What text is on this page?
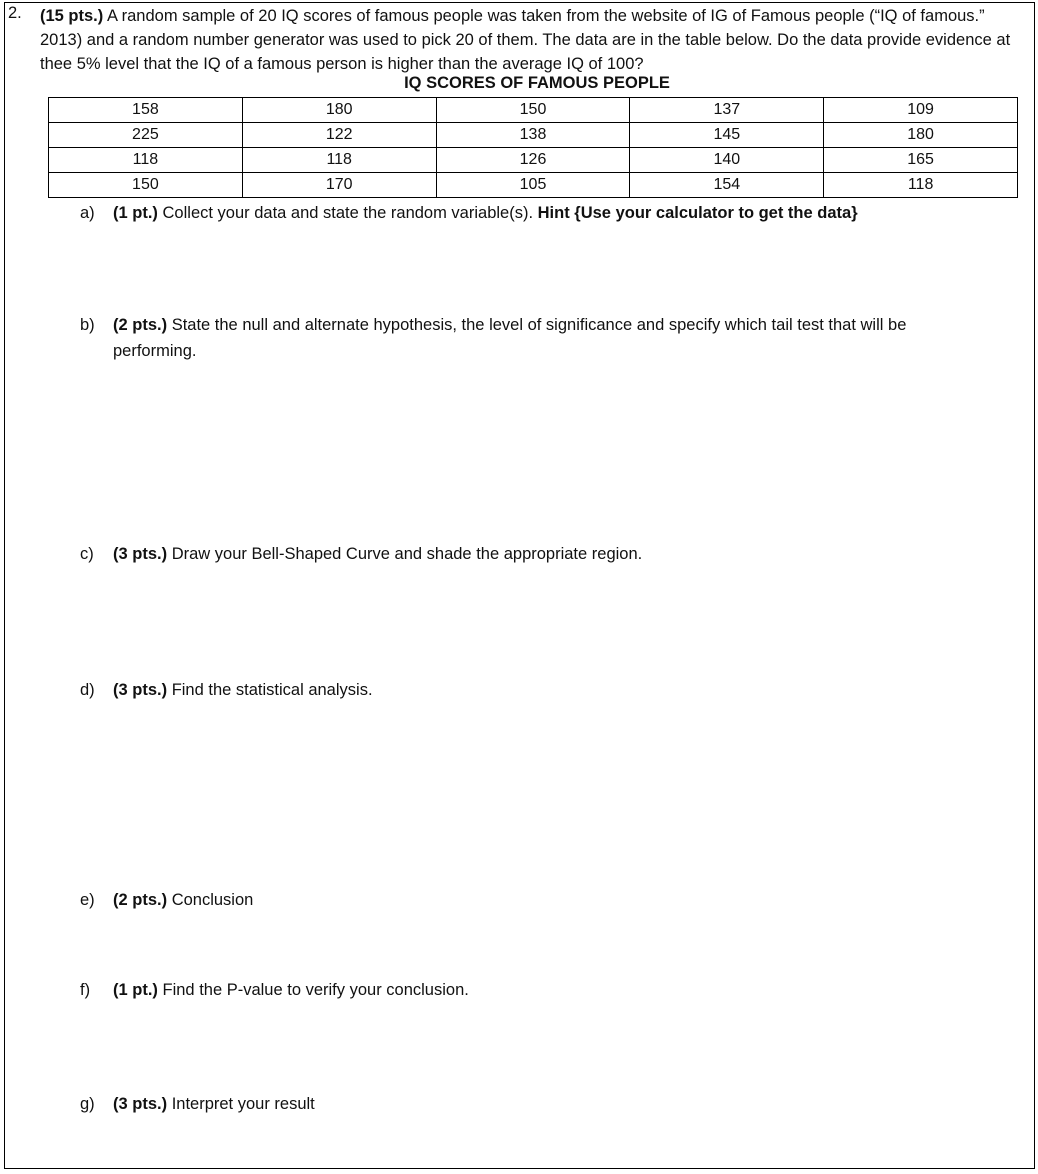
2. (15 pts.) A random sample of 20 IQ scores of famous people was taken from the website of IG of Famous people (“IQ of famous.” 2013) and a random number generator was used to pick 20 of them. The data are in the table below. Do the data provide evidence at thee 5% level that the IQ of a famous person is higher than the average IQ of 100?
IQ SCORES OF FAMOUS PEOPLE
158	180	150	137	109
225	122	138	145	180
118	118	126	140	165
150	170	105	154	118
a) (1 pt.) Collect your data and state the random variable(s). Hint {Use your calculator to get the data}
b) (2 pts.) State the null and alternate hypothesis, the level of significance and specify which tail test that will be performing.
c) (3 pts.) Draw your Bell-Shaped Curve and shade the appropriate region.
d) (3 pts.) Find the statistical analysis.
e) (2 pts.) Conclusion
f) (1 pt.) Find the P-value to verify your conclusion.
g) (3 pts.) Interpret your result
